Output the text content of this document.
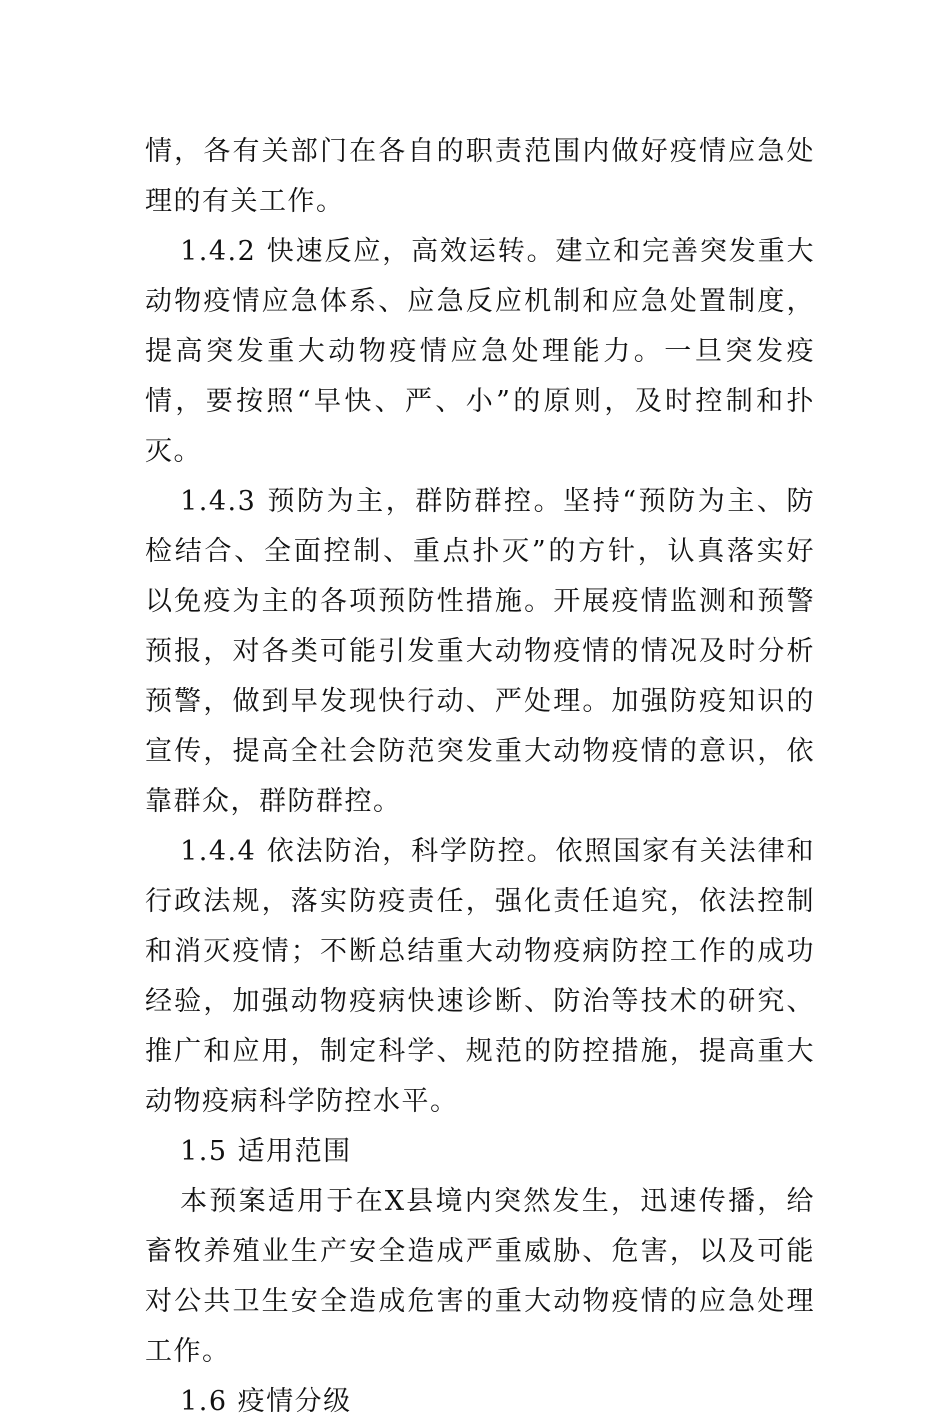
情，各有关部门在各自的职责范围内做好疫情应急处理的有关工作。

1.4.2 快速反应，高效运转。建立和完善突发重大动物疫情应急体系、应急反应机制和应急处置制度，提高突发重大动物疫情应急处理能力。一旦突发疫情，要按照“早快、严、小”的原则，及时控制和扑灭。

1.4.3 预防为主，群防群控。坚持“预防为主、防检结合、全面控制、重点扑灭”的方针，认真落实好以免疫为主的各项预防性措施。开展疫情监测和预警预报，对各类可能引发重大动物疫情的情况及时分析预警，做到早发现快行动、严处理。加强防疫知识的宣传，提高全社会防范突发重大动物疫情的意识，依靠群众，群防群控。

1.4.4 依法防治，科学防控。依照国家有关法律和行政法规，落实防疫责任，强化责任追究，依法控制和消灭疫情；不断总结重大动物疫病防控工作的成功经验，加强动物疫病快速诊断、防治等技术的研究、推广和应用，制定科学、规范的防控措施，提高重大动物疫病科学防控水平。

1.5 适用范围

本预案适用于在X县境内突然发生，迅速传播，给畜牧养殖业生产安全造成严重威胁、危害，以及可能对公共卫生安全造成危害的重大动物疫情的应急处理工作。

1.6 疫情分级
